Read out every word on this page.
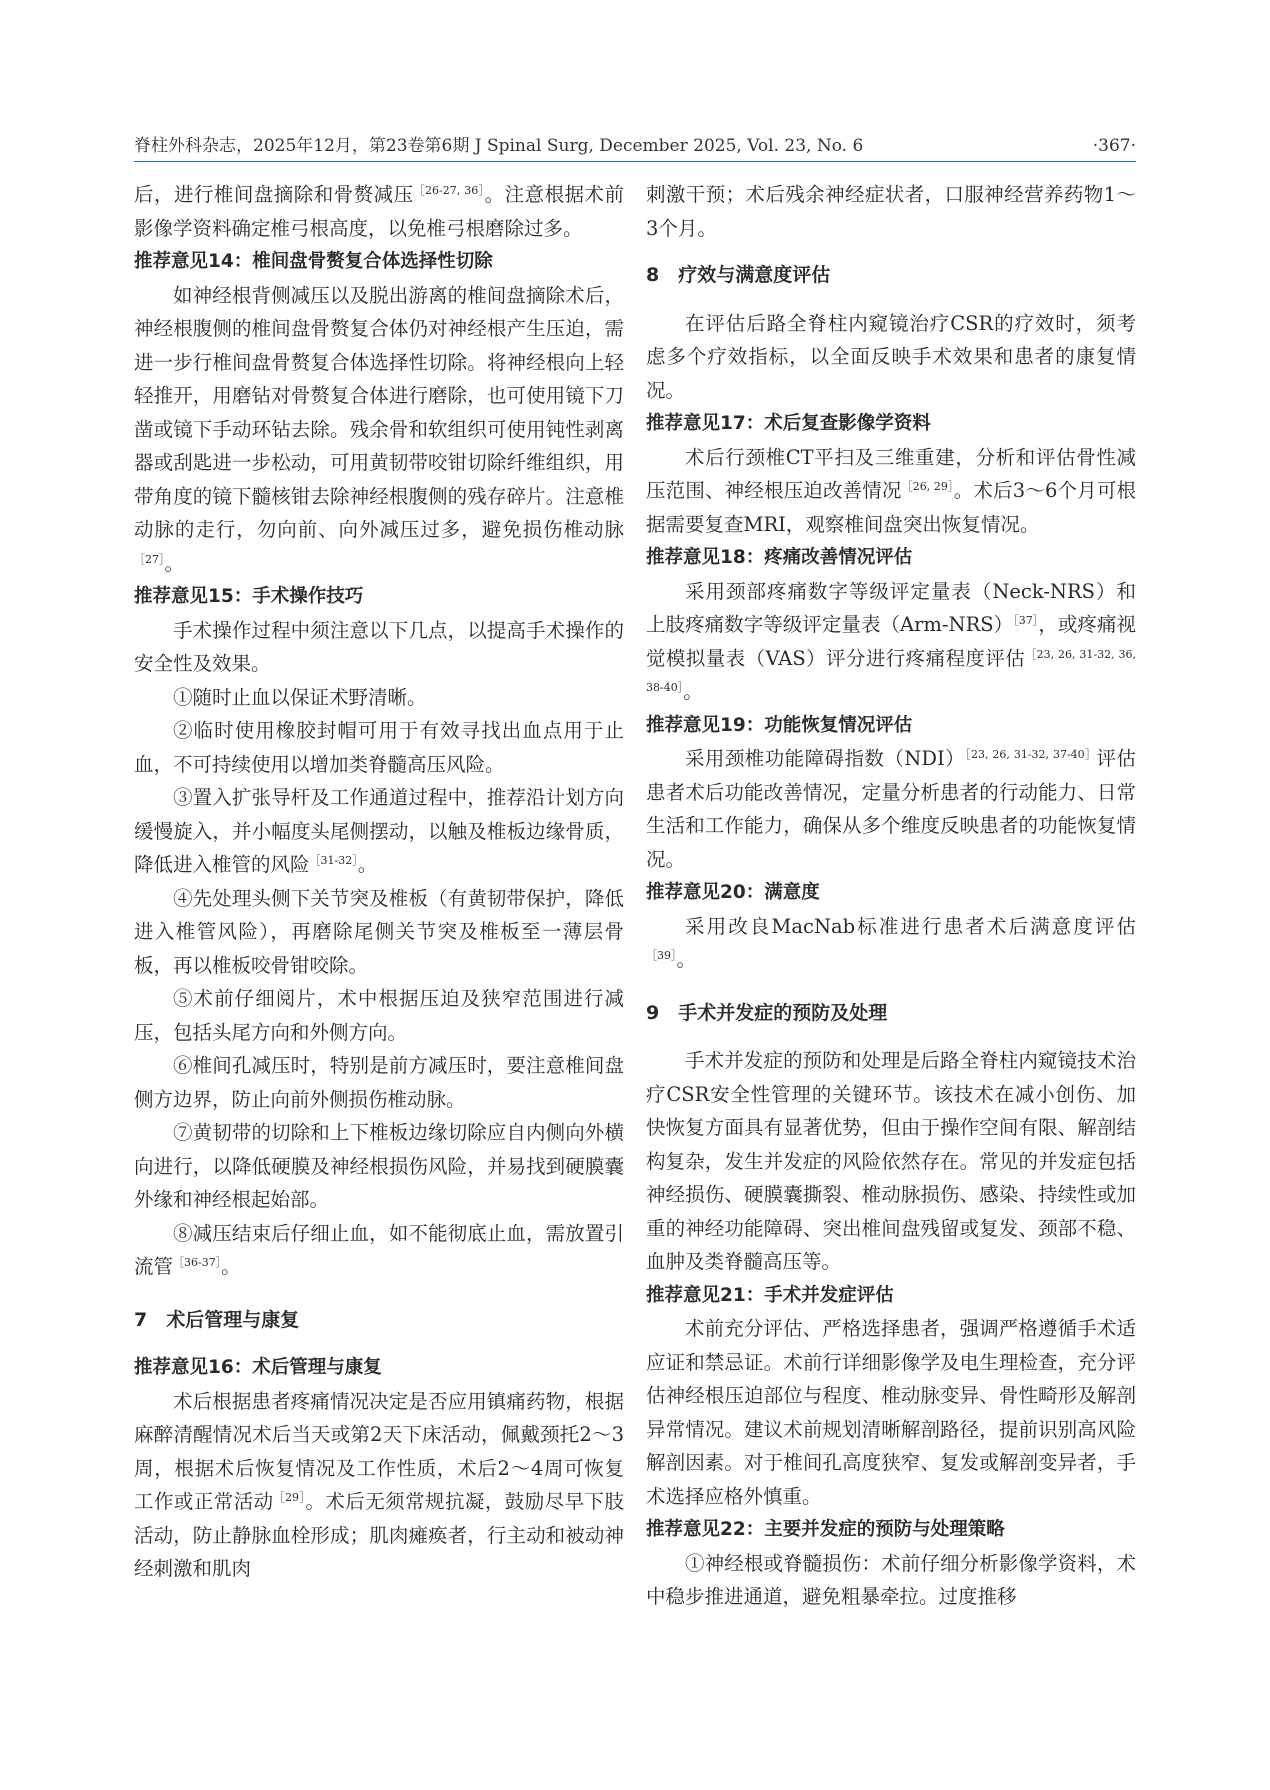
脊柱外科杂志，2025年12月，第23卷第6期 J Spinal Surg, December 2025, Vol. 23, No. 6	·367·

后，进行椎间盘摘除和骨赘减压$^{[26-27, 36]}$。注意根据术前影像学资料确定椎弓根高度，以免椎弓根磨除过多。

推荐意见14：椎间盘骨赘复合体选择性切除

如神经根背侧减压以及脱出游离的椎间盘摘除术后，神经根腹侧的椎间盘骨赘复合体仍对神经根产生压迫，需进一步行椎间盘骨赘复合体选择性切除。将神经根向上轻轻推开，用磨钻对骨赘复合体进行磨除，也可使用镜下刀凿或镜下手动环钻去除。残余骨和软组织可使用钝性剥离器或刮匙进一步松动，可用黄韧带咬钳切除纤维组织，用带角度的镜下髓核钳去除神经根腹侧的残存碎片。注意椎动脉的走行，勿向前、向外减压过多，避免损伤椎动脉$^{[27]}$。

推荐意见15：手术操作技巧

手术操作过程中须注意以下几点，以提高手术操作的安全性及效果。

①随时止血以保证术野清晰。

②临时使用橡胶封帽可用于有效寻找出血点用于止血，不可持续使用以增加类脊髓高压风险。

③置入扩张导杆及工作通道过程中，推荐沿计划方向缓慢旋入，并小幅度头尾侧摆动，以触及椎板边缘骨质，降低进入椎管的风险$^{[31-32]}$。

④先处理头侧下关节突及椎板（有黄韧带保护，降低进入椎管风险），再磨除尾侧关节突及椎板至一薄层骨板，再以椎板咬骨钳咬除。

⑤术前仔细阅片，术中根据压迫及狭窄范围进行减压，包括头尾方向和外侧方向。

⑥椎间孔减压时，特别是前方减压时，要注意椎间盘侧方边界，防止向前外侧损伤椎动脉。

⑦黄韧带的切除和上下椎板边缘切除应自内侧向外横向进行，以降低硬膜及神经根损伤风险，并易找到硬膜囊外缘和神经根起始部。

⑧减压结束后仔细止血，如不能彻底止血，需放置引流管$^{[36-37]}$。

7　术后管理与康复

推荐意见16：术后管理与康复

术后根据患者疼痛情况决定是否应用镇痛药物，根据麻醉清醒情况术后当天或第2天下床活动，佩戴颈托2～3周，根据术后恢复情况及工作性质，术后2～4周可恢复工作或正常活动$^{[29]}$。术后无须常规抗凝，鼓励尽早下肢活动，防止静脉血栓形成；肌肉瘫痪者，行主动和被动神经刺激和肌肉

刺激干预；术后残余神经症状者，口服神经营养药物1～3个月。

8　疗效与满意度评估

在评估后路全脊柱内窥镜治疗CSR的疗效时，须考虑多个疗效指标，以全面反映手术效果和患者的康复情况。

推荐意见17：术后复查影像学资料

术后行颈椎CT平扫及三维重建，分析和评估骨性减压范围、神经根压迫改善情况$^{[26, 29]}$。术后3～6个月可根据需要复查MRI，观察椎间盘突出恢复情况。

推荐意见18：疼痛改善情况评估

采用颈部疼痛数字等级评定量表（Neck-NRS）和上肢疼痛数字等级评定量表$(Arm-NRS)^{[37]}$，或疼痛视觉模拟量表（VAS）评分进行疼痛程度评估$^{[23, 26, 31-32, 36, 38-40]}$。

推荐意见19：功能恢复情况评估

采用颈椎功能障碍指数（NDI）$^{[23, 26, 31-32, 37-40]}$评估患者术后功能改善情况，定量分析患者的行动能力、日常生活和工作能力，确保从多个维度反映患者的功能恢复情况。

推荐意见20：满意度

采用改良MacNab标准进行患者术后满意度评估$^{[39]}$。

9　手术并发症的预防及处理

手术并发症的预防和处理是后路全脊柱内窥镜技术治疗CSR安全性管理的关键环节。该技术在减小创伤、加快恢复方面具有显著优势，但由于操作空间有限、解剖结构复杂，发生并发症的风险依然存在。常见的并发症包括神经损伤、硬膜囊撕裂、椎动脉损伤、感染、持续性或加重的神经功能障碍、突出椎间盘残留或复发、颈部不稳、血肿及类脊髓高压等。

推荐意见21：手术并发症评估

术前充分评估、严格选择患者，强调严格遵循手术适应证和禁忌证。术前行详细影像学及电生理检查，充分评估神经根压迫部位与程度、椎动脉变异、骨性畸形及解剖异常情况。建议术前规划清晰解剖路径，提前识别高风险解剖因素。对于椎间孔高度狭窄、复发或解剖变异者，手术选择应格外慎重。

推荐意见22：主要并发症的预防与处理策略

①神经根或脊髓损伤：术前仔细分析影像学资料，术中稳步推进通道，避免粗暴牵拉。过度推移
